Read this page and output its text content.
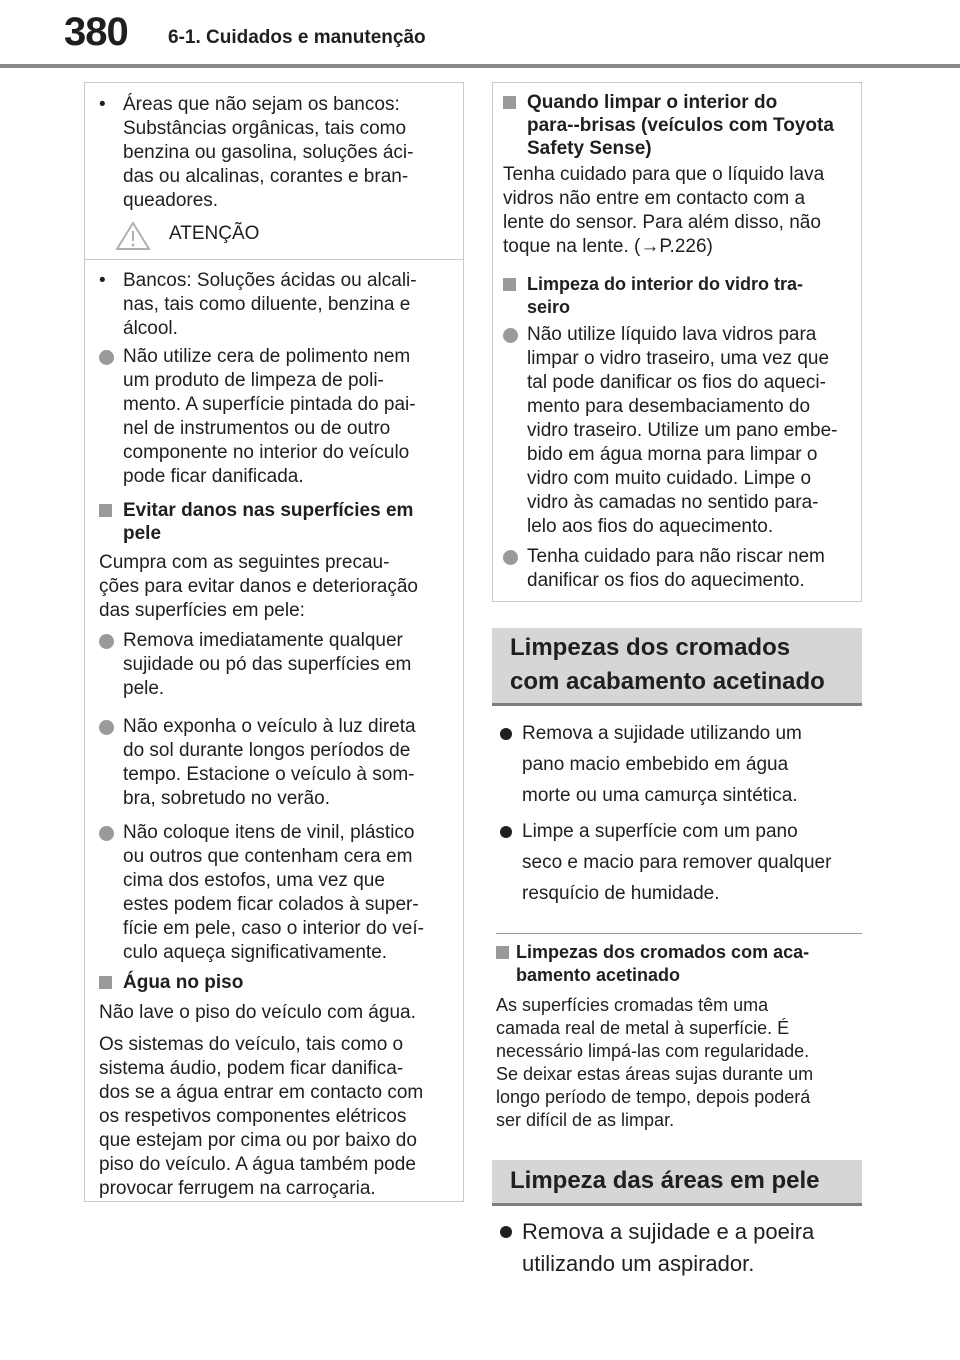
380 6-1. Cuidados e manutenção
• Áreas que não sejam os bancos:
Substâncias orgânicas, tais como
benzina ou gasolina, soluções áci-
das ou alcalinas, corantes e bran-
queadores.
ATENÇÃO
• Bancos: Soluções ácidas ou alcali-
nas, tais como diluente, benzina e
álcool.
Não utilize cera de polimento nem
um produto de limpeza de poli-
mento. A superfície pintada do pai-
nel de instrumentos ou de outro
componente no interior do veículo
pode ficar danificada.
Evitar danos nas superfícies em
pele
Cumpra com as seguintes precau-
ções para evitar danos e deterioração
das superfícies em pele:
Remova imediatamente qualquer
sujidade ou pó das superfícies em
pele.
Não exponha o veículo à luz direta
do sol durante longos períodos de
tempo. Estacione o veículo à som-
bra, sobretudo no verão.
Não coloque itens de vinil, plástico
ou outros que contenham cera em
cima dos estofos, uma vez que
estes podem ficar colados à super-
fície em pele, caso o interior do veí-
culo aqueça significativamente.
Água no piso
Não lave o piso do veículo com água.
Os sistemas do veículo, tais como o
sistema áudio, podem ficar danifica-
dos se a água entrar em contacto com
os respetivos componentes elétricos
que estejam por cima ou por baixo do
piso do veículo. A água também pode
provocar ferrugem na carroçaria.
Quando limpar o interior do
para--brisas (veículos com Toyota
Safety Sense)
Tenha cuidado para que o líquido lava
vidros não entre em contacto com a
lente do sensor. Para além disso, não
toque na lente. (→P.226)
Limpeza do interior do vidro tra-
seiro
Não utilize líquido lava vidros para
limpar o vidro traseiro, uma vez que
tal pode danificar os fios do aqueci-
mento para desembaciamento do
vidro traseiro. Utilize um pano embe-
bido em água morna para limpar o
vidro com muito cuidado. Limpe o
vidro às camadas no sentido para-
lelo aos fios do aquecimento.
Tenha cuidado para não riscar nem
danificar os fios do aquecimento.
Limpezas dos cromados
com acabamento acetinado
Remova a sujidade utilizando um
pano macio embebido em água
morte ou uma camurça sintética.
Limpe a superfície com um pano
seco e macio para remover qualquer
resquício de humidade.
Limpezas dos cromados com aca-
bamento acetinado
As superfícies cromadas têm uma
camada real de metal à superfície. É
necessário limpá-las com regularidade.
Se deixar estas áreas sujas durante um
longo período de tempo, depois poderá
ser difícil de as limpar.
Limpeza das áreas em pele
Remova a sujidade e a poeira
utilizando um aspirador.
